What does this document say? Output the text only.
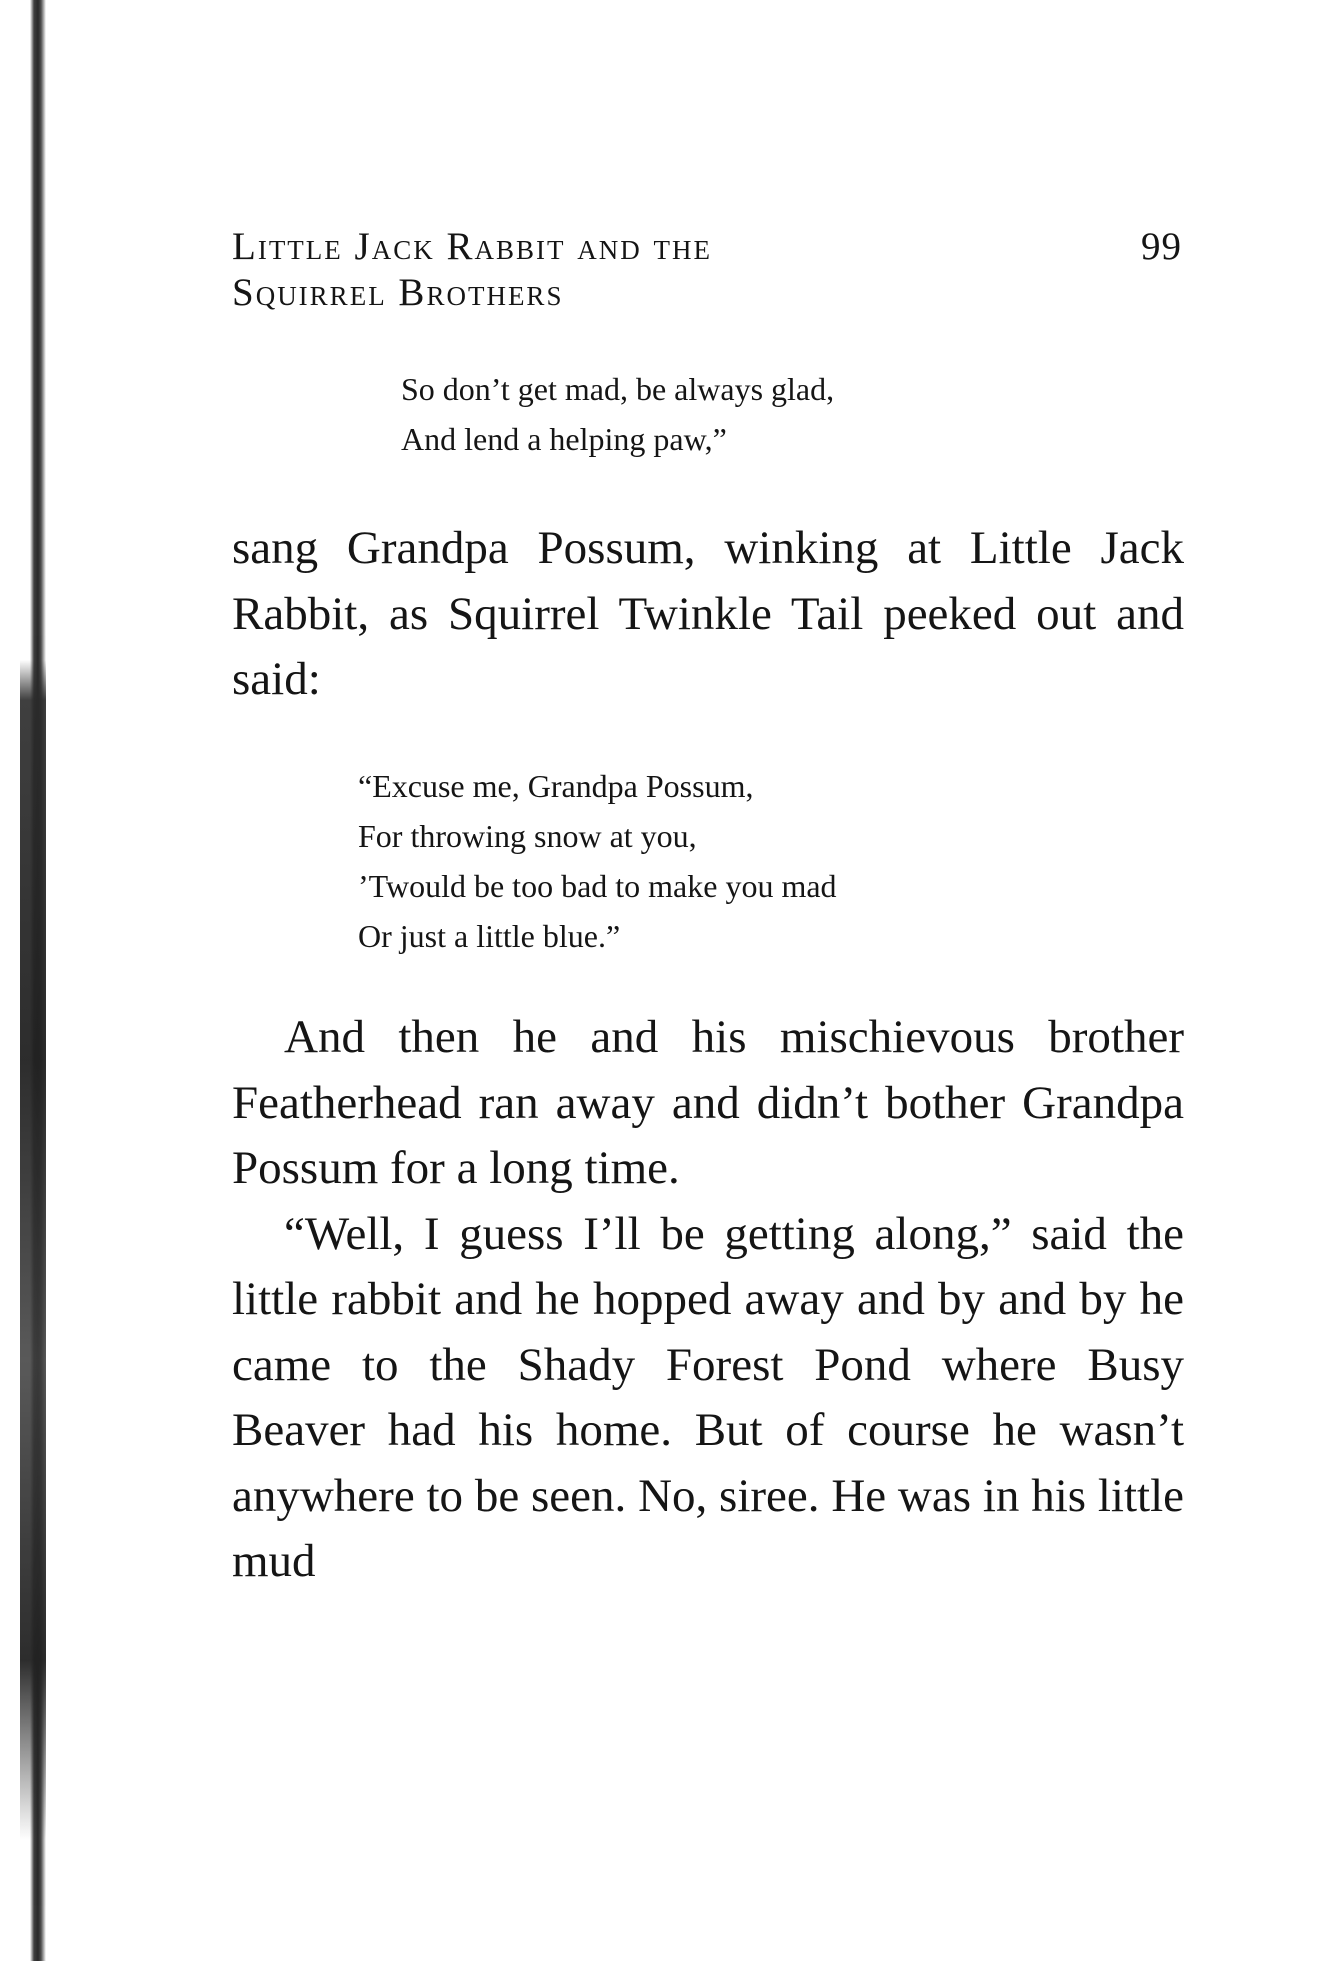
Little Jack Rabbit and the
Squirrel Brothers
99
So don’t get mad, be always glad,
And lend a helping paw,”

sang Grandpa Possum, winking at Little Jack Rabbit, as Squirrel Twinkle Tail peeked out and said:

“Excuse me, Grandpa Possum,
For throwing snow at you,
’Twould be too bad to make you mad
Or just a little blue.”

And then he and his mischievous brother Featherhead ran away and didn’t bother Grandpa Possum for a long time.

“Well, I guess I’ll be getting along,” said the little rabbit and he hopped away and by and by he came to the Shady Forest Pond where Busy Beaver had his home. But of course he wasn’t anywhere to be seen. No, siree. He was in his little mud
